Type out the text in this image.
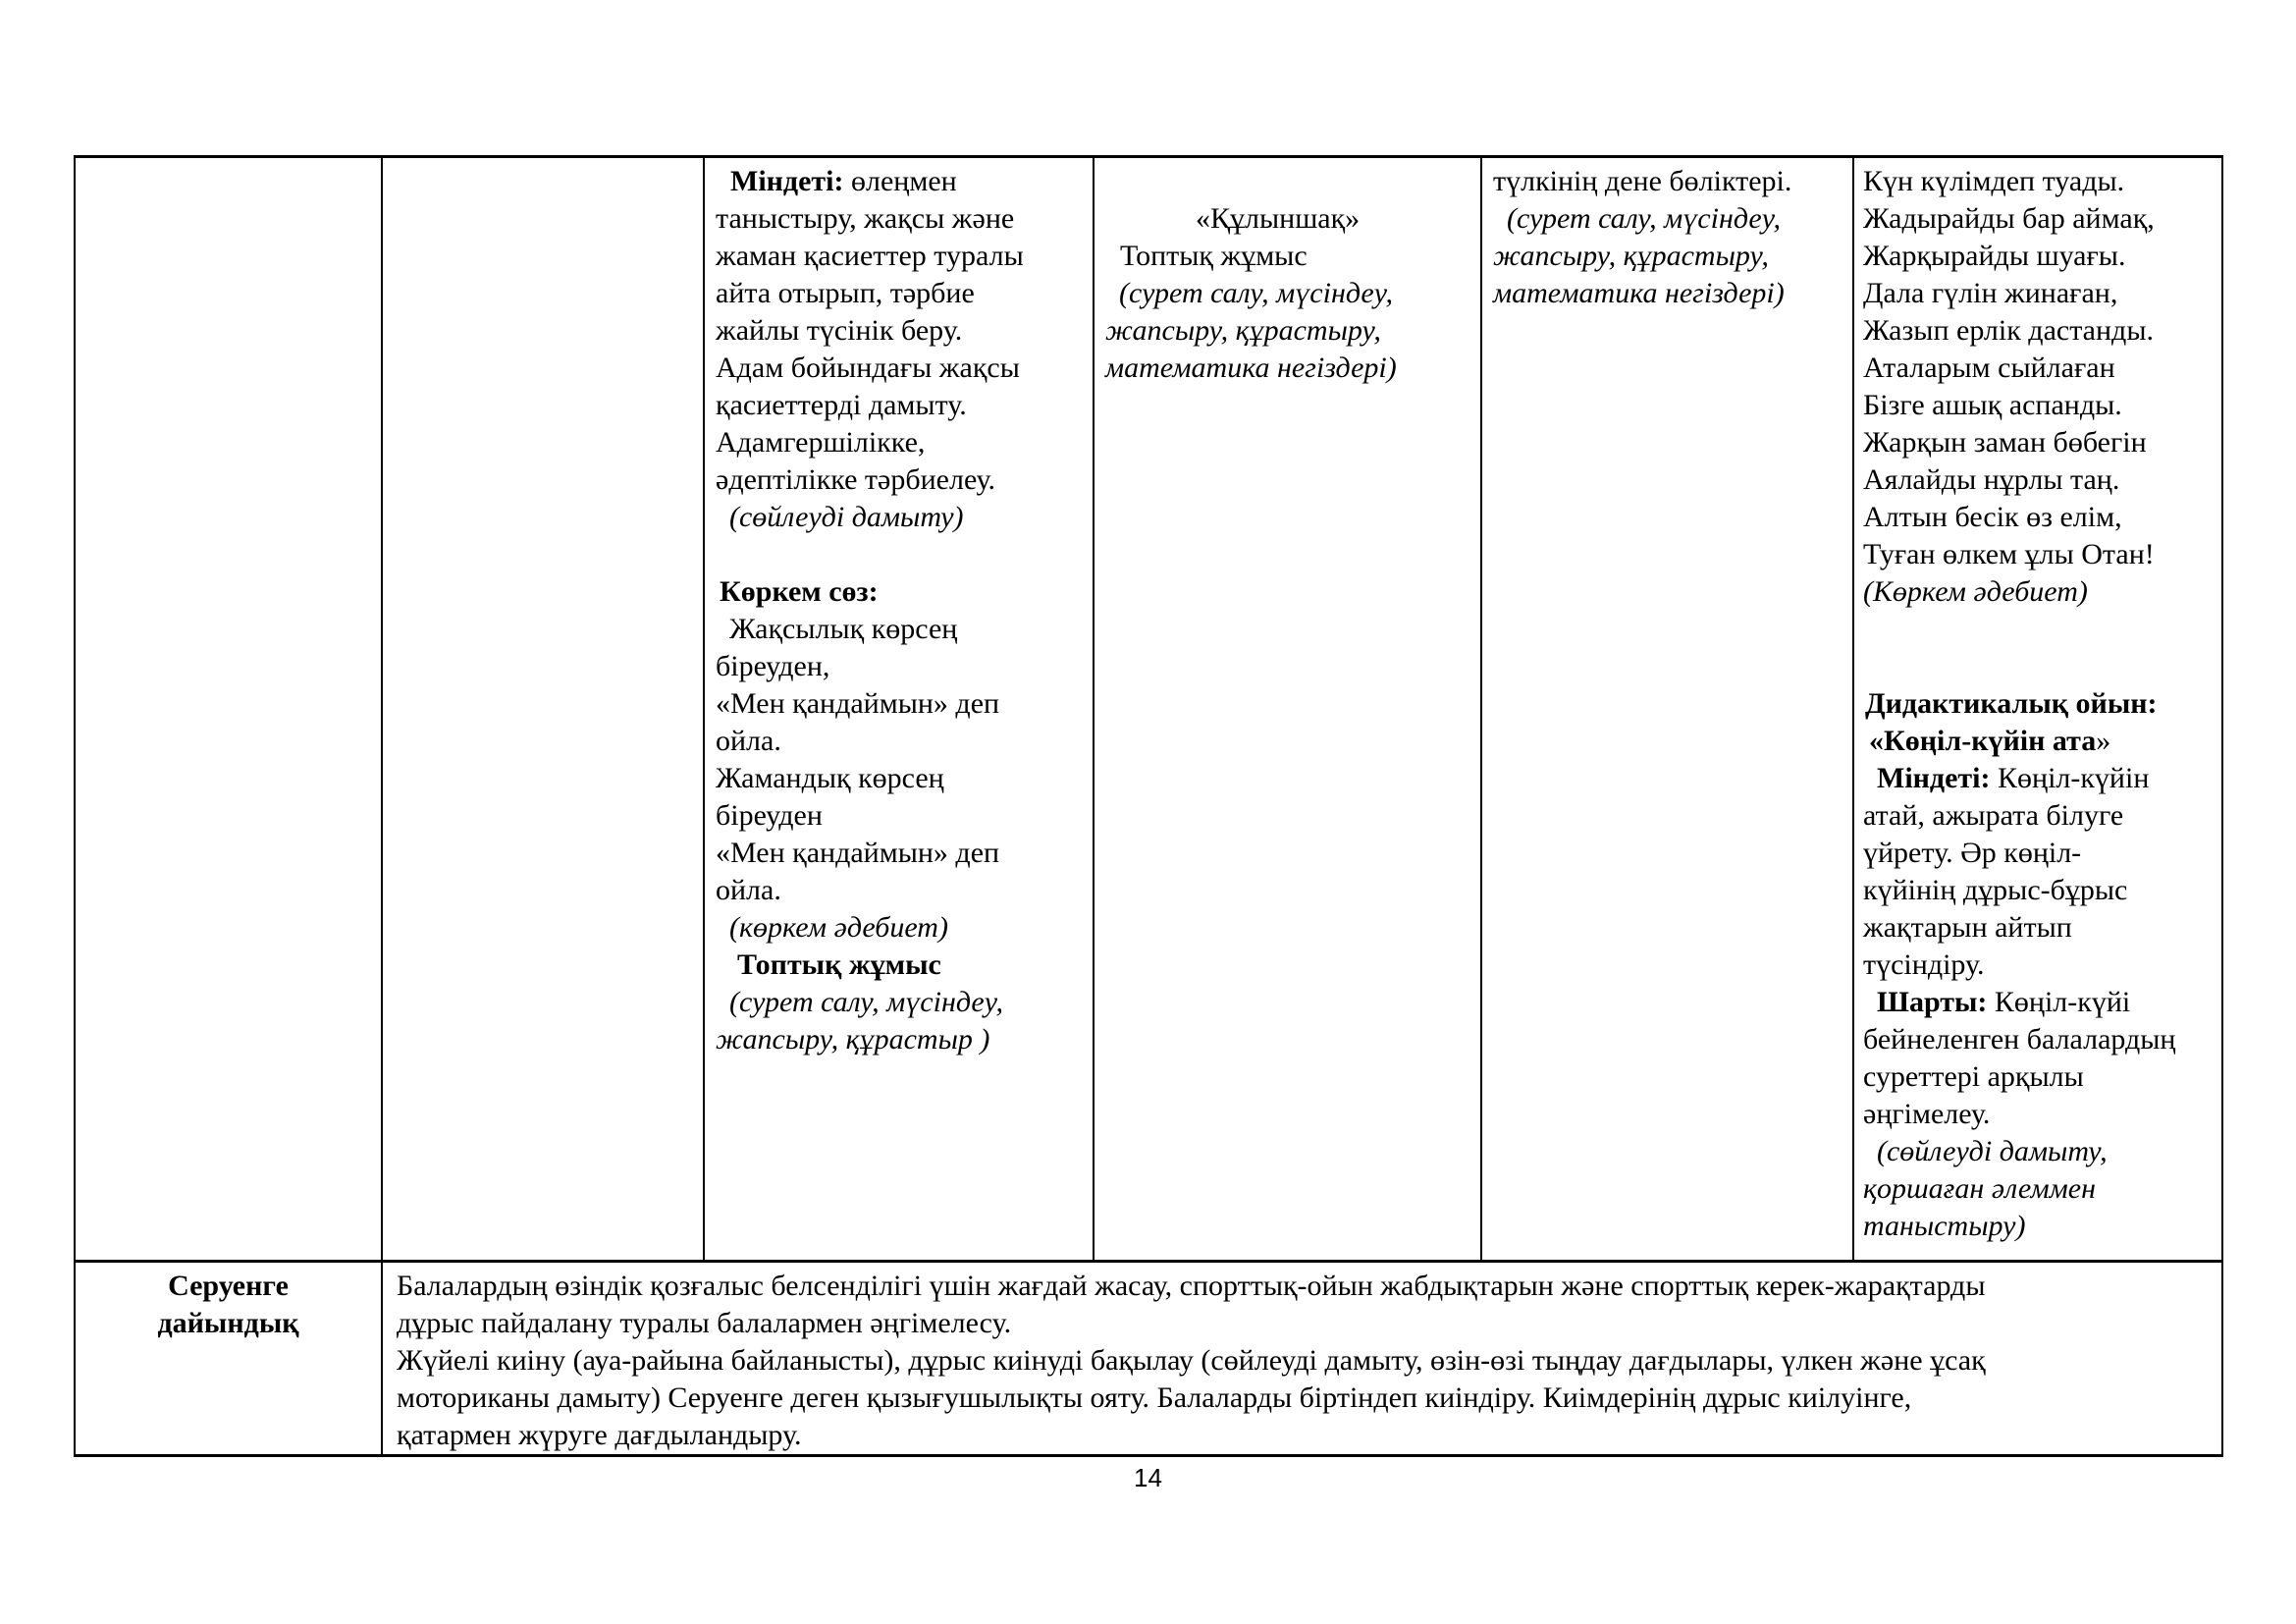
Міндеті: өлеңмен
таныстыру, жақсы және
жаман қасиеттер туралы
айта отырып, тәрбие
жайлы түсінік беру.
Адам бойындағы жақсы
қасиеттерді дамыту.
Адамгершілікке,
әдептілікке тәрбиелеу.
(сөйлеуді дамыту)

Көркем сөз:
Жақсылық көрсең
біреуден,
«Мен қандаймын» деп
ойла.
Жамандық көрсең
біреуден
«Мен қандаймын» деп
ойла.
(көркем әдебиет)
Топтық жұмыс
(сурет салу, мүсіндеу,
жапсыру, құрастыр )
«Құлыншақ»
Топтық жұмыс
(сурет салу, мүсіндеу,
жапсыру, құрастыру,
математика негіздері)
түлкінің дене бөліктері.
(сурет салу, мүсіндеу,
жапсыру, құрастыру,
математика негіздері)
Күн күлімдеп туады.
Жадырайды бар аймақ,
Жарқырайды шуағы.
Дала гүлін жинаған,
Жазып ерлік дастанды.
Аталарым сыйлаған
Бізге ашық аспанды.
Жарқын заман бөбегін
Аялайды нұрлы таң.
Алтын бесік өз елім,
Туған өлкем ұлы Отан!
(Көркем әдебиет)

Дидактикалық ойын:
«Көңіл-күйін ата»
Міндеті: Көңіл-күйін
атай, ажырата білуге
үйрету. Әр көңіл-
күйінің дұрыс-бұрыс
жақтарын айтып
түсіндіру.
Шарты: Көңіл-күйі
бейнеленген балалардың
суреттері арқылы
әңгімелеу.
(сөйлеуді дамыту,
қоршаған әлеммен
таныстыру)
Серуенге
дайындық
Балалардың өзіндік қозғалыс белсенділігі үшін жағдай жасау, спорттық-ойын жабдықтарын және спорттық керек-жарақтарды
дұрыс пайдалану туралы балалармен әңгімелесу.
Жүйелі киіну (ауа-райына байланысты), дұрыс киінуді бақылау (сөйлеуді дамыту, өзін-өзі тыңдау дағдылары, үлкен және ұсақ
моториканы дамыту) Серуенге деген қызығушылықты ояту. Балаларды біртіндеп киіндіру. Киімдерінің дұрыс киілуінге,
қатармен жүруге дағдыландыру.
14
